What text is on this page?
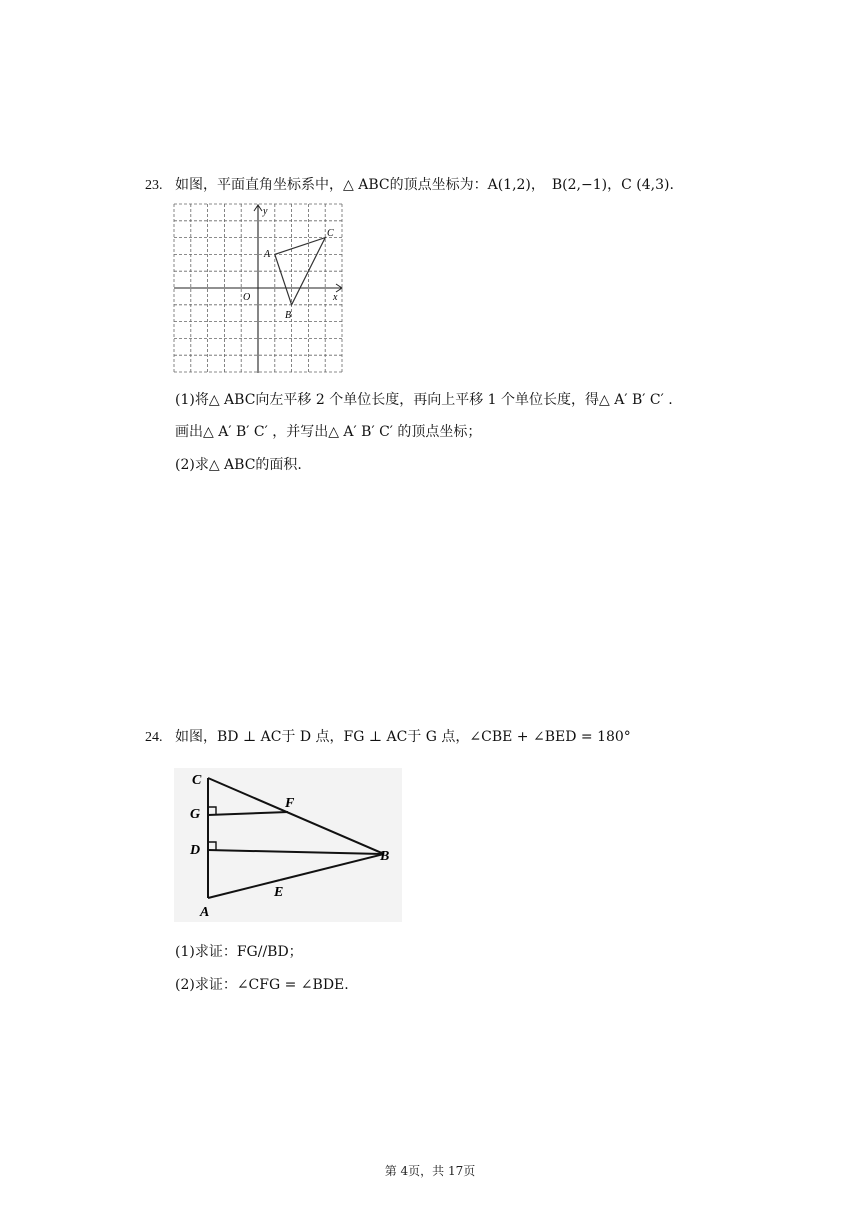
23. 如图，平面直角坐标系中，△ ABC的顶点坐标为：A(1,2)，　B(2,−1)，C (4,3).
y
x
O
A
B
C
(1)将△ ABC向左平移 2 个单位长度，再向上平移 1 个单位长度，得△ A′ B′ C′ .
画出△ A′ B′ C′ ，并写出△ A′ B′ C′ 的顶点坐标；
(2)求△ ABC的面积.
24. 如图，BD ⊥ AC于 D 点，FG ⊥ AC于 G 点，∠CBE + ∠BED = 180°
C
G
D
A
F
B
E
(1)求证：FG//BD；
(2)求证：∠CFG = ∠BDE.
第 4页，共 17页
